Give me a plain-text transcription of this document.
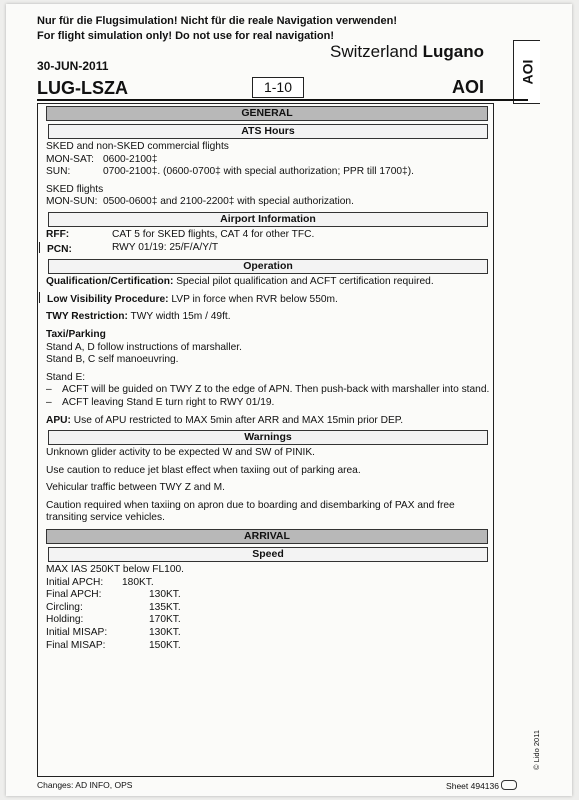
Nur für die Flugsimulation! Nicht für die reale Navigation verwenden!
For flight simulation only! Do not use for real navigation!
30-JUN-2011
Switzerland Lugano
LUG-LSZA	1-10	AOI
AOI
GENERAL
ATS Hours

SKED and non-SKED commercial flights

MON-SAT: 0600-2100‡
SUN:	0700-2100‡. (0600-0700‡ with special authorization; PPR till 1700‡).

SKED flights

MON-SUN: 0500-0600‡ and 2100-2200‡ with special authorization.
Airport Information
RFF:	CAT 5 for SKED flights, CAT 4 for other TFC.
PCN:	RWY 01/19: 25/F/A/Y/T
Operation

Qualification/Certification: Special pilot qualification and ACFT certification required.

Low Visibility Procedure: LVP in force when RVR below 550m.

TWY Restriction: TWY width 15m / 49ft.

Taxi/Parking

Stand A, D follow instructions of marshaller.

Stand B, C self manoeuvring.

Stand E:

–	ACFT will be guided on TWY Z to the edge of APN. Then push-back with marshaller into stand.
–	ACFT leaving Stand E turn right to RWY 01/19.

APU: Use of APU restricted to MAX 5min after ARR and MAX 15min prior DEP.

Warnings

Unknown glider activity to be expected W and SW of PINIK.

Use caution to reduce jet blast effect when taxiing out of parking area.

Vehicular traffic between TWY Z and M.

Caution required when taxiing on apron due to boarding and disembarking of PAX and free transiting service vehicles.

ARRIVAL
Speed

MAX IAS 250KT below FL100.

Initial APCH:	180KT.
Final APCH:	130KT.
Circling:	135KT.
Holding:	170KT.
Initial MISAP:	130KT.
Final MISAP:	150KT.
© Lido 2011
Changes: AD INFO, OPS	Sheet 494136
